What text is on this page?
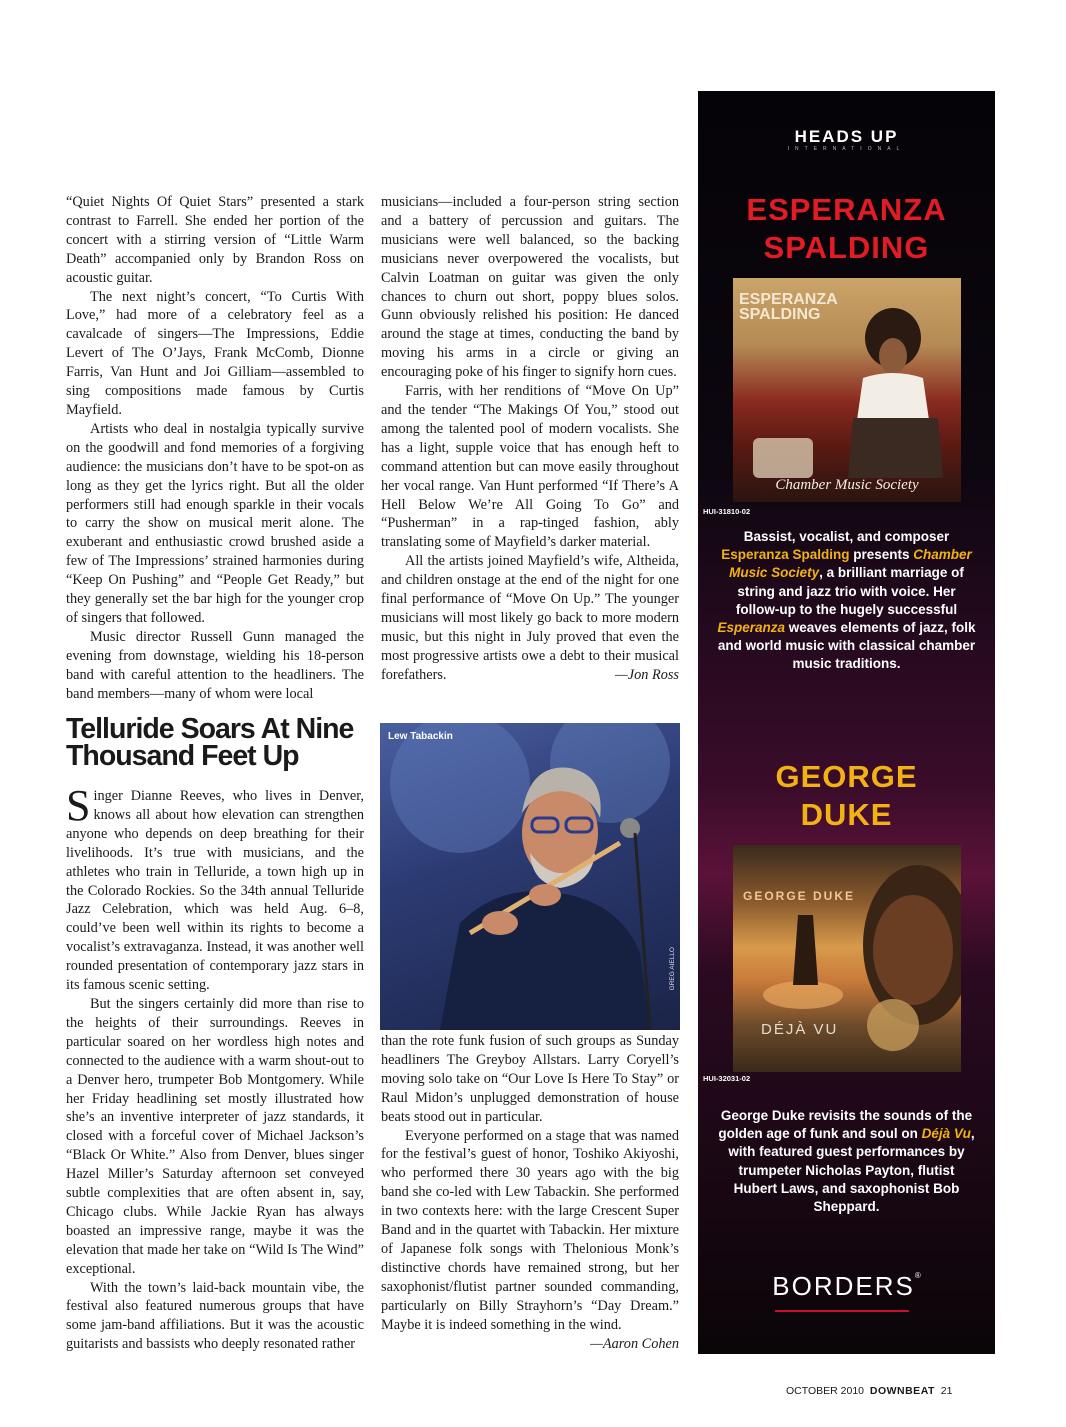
“Quiet Nights Of Quiet Stars” presented a stark contrast to Farrell. She ended her portion of the concert with a stirring version of “Little Warm Death” accompanied only by Brandon Ross on acoustic guitar.

The next night’s concert, “To Curtis With Love,” had more of a celebratory feel as a cavalcade of singers—The Impressions, Eddie Levert of The O’Jays, Frank McComb, Dionne Farris, Van Hunt and Joi Gilliam—assembled to sing compositions made famous by Curtis Mayfield.

Artists who deal in nostalgia typically survive on the goodwill and fond memories of a forgiving audience: the musicians don’t have to be spot-on as long as they get the lyrics right. But all the older performers still had enough sparkle in their vocals to carry the show on musical merit alone. The exuberant and enthusiastic crowd brushed aside a few of The Impressions’ strained harmonies during “Keep On Pushing” and “People Get Ready,” but they generally set the bar high for the younger crop of singers that followed.

Music director Russell Gunn managed the evening from downstage, wielding his 18-person band with careful attention to the headliners. The band members—many of whom were local

musicians—included a four-person string section and a battery of percussion and guitars. The musicians were well balanced, so the backing musicians never overpowered the vocalists, but Calvin Loatman on guitar was given the only chances to churn out short, poppy blues solos. Gunn obviously relished his position: He danced around the stage at times, conducting the band by moving his arms in a circle or giving an encouraging poke of his finger to signify horn cues.

Farris, with her renditions of “Move On Up” and the tender “The Makings Of You,” stood out among the talented pool of modern vocalists. She has a light, supple voice that has enough heft to command attention but can move easily throughout her vocal range. Van Hunt performed “If There’s A Hell Below We’re All Going To Go” and “Pusherman” in a rap-tinged fashion, ably translating some of Mayfield’s darker material.

All the artists joined Mayfield’s wife, Altheida, and children onstage at the end of the night for one final performance of “Move On Up.” The younger musicians will most likely go back to more modern music, but this night in July proved that even the most progressive artists owe a debt to their musical forefathers.	—Jon Ross

Telluride Soars At Nine Thousand Feet Up

Singer Dianne Reeves, who lives in Denver, knows all about how elevation can strengthen anyone who depends on deep breathing for their livelihoods. It’s true with musicians, and the athletes who train in Telluride, a town high up in the Colorado Rockies. So the 34th annual Telluride Jazz Celebration, which was held Aug. 6–8, could’ve been well within its rights to become a vocalist’s extravaganza. Instead, it was another well rounded presentation of contemporary jazz stars in its famous scenic setting.

But the singers certainly did more than rise to the heights of their surroundings. Reeves in particular soared on her wordless high notes and connected to the audience with a warm shout-out to a Denver hero, trumpeter Bob Montgomery. While her Friday headlining set mostly illustrated how she’s an inventive interpreter of jazz standards, it closed with a forceful cover of Michael Jackson’s “Black Or White.” Also from Denver, blues singer Hazel Miller’s Saturday afternoon set conveyed subtle complexities that are often absent in, say, Chicago clubs. While Jackie Ryan has always boasted an impressive range, maybe it was the elevation that made her take on “Wild Is The Wind” exceptional.

With the town’s laid-back mountain vibe, the festival also featured numerous groups that have some jam-band affiliations. But it was the acoustic guitarists and bassists who deeply resonated rather

Lew Tabackin
GREG AIELLO

than the rote funk fusion of such groups as Sunday headliners The Greyboy Allstars. Larry Coryell’s moving solo take on “Our Love Is Here To Stay” or Raul Midon’s unplugged demonstration of house beats stood out in particular.

Everyone performed on a stage that was named for the festival’s guest of honor, Toshiko Akiyoshi, who performed there 30 years ago with the big band she co-led with Lew Tabackin. She performed in two contexts here: with the large Crescent Super Band and in the quartet with Tabackin. Her mixture of Japanese folk songs with Thelonious Monk’s distinctive chords have remained strong, but her saxophonist/flutist partner sounded commanding, particularly on Billy Strayhorn’s “Day Dream.” Maybe it is indeed something in the wind.
—Aaron Cohen

HEADS UP
INTERNATIONAL
ESPERANZA SPALDING
ESPERANZA SPALDING
Chamber Music Society
HUI-31810-02
Bassist, vocalist, and composer Esperanza Spalding presents Chamber Music Society, a brilliant marriage of string and jazz trio with voice. Her follow-up to the hugely successful Esperanza weaves elements of jazz, folk and world music with classical chamber music traditions.
GEORGE DUKE
GEORGE DUKE
DÉJÀ VU
HUI-32031-02
George Duke revisits the sounds of the golden age of funk and soul on Déjà Vu, with featured guest performances by trumpeter Nicholas Payton, flutist Hubert Laws, and saxophonist Bob Sheppard.
BORDERS®
OCTOBER 2010 DOWNBEAT 21
